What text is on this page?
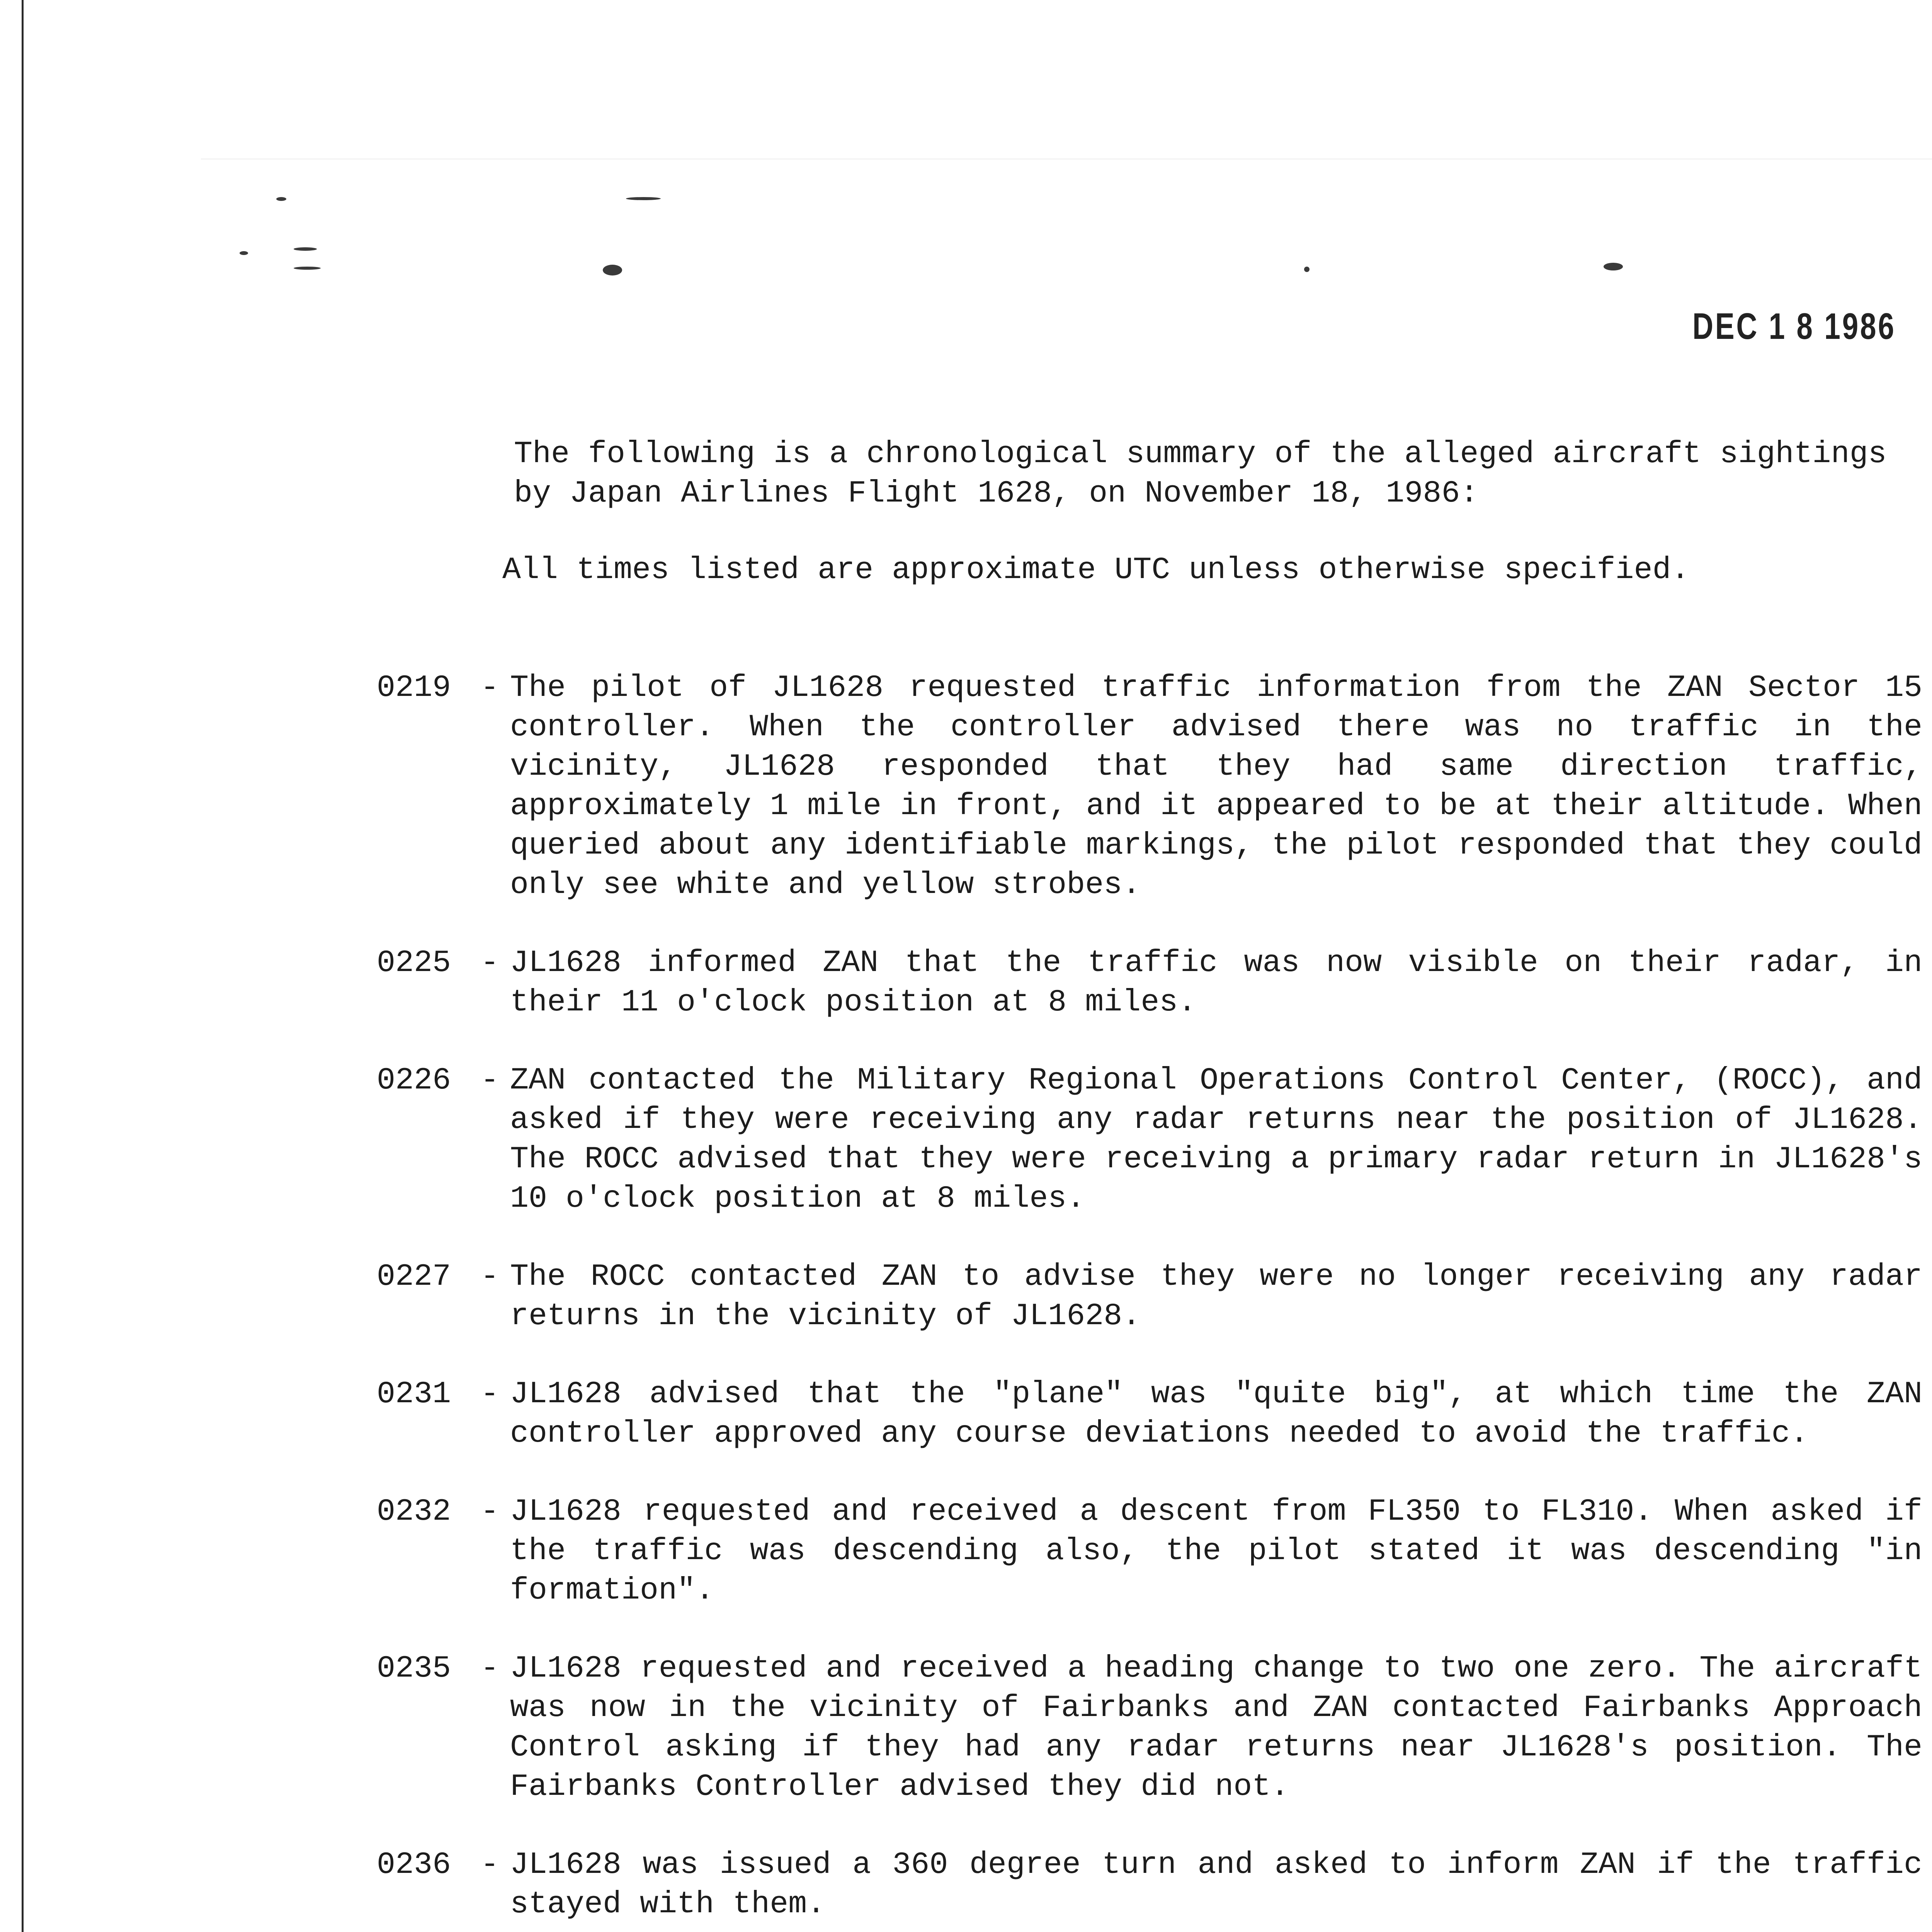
DEC 1 8 1986
The following is a chronological summary of the alleged aircraft sightings by Japan Airlines Flight 1628, on November 18, 1986:
All times listed are approximate UTC unless otherwise specified.
0219 - The pilot of JL1628 requested traffic information from the ZAN Sector 15 controller. When the controller advised there was no traffic in the vicinity, JL1628 responded that they had same direction traffic, approximately 1 mile in front, and it appeared to be at their altitude. When queried about any identifiable markings, the pilot responded that they could only see white and yellow strobes.
0225 - JL1628 informed ZAN that the traffic was now visible on their radar, in their 11 o'clock position at 8 miles.
0226 - ZAN contacted the Military Regional Operations Control Center, (ROCC), and asked if they were receiving any radar returns near the position of JL1628. The ROCC advised that they were receiving a primary radar return in JL1628's 10 o'clock position at 8 miles.
0227 - The ROCC contacted ZAN to advise they were no longer receiving any radar returns in the vicinity of JL1628.
0231 - JL1628 advised that the "plane" was "quite big", at which time the ZAN controller approved any course deviations needed to avoid the traffic.
0232 - JL1628 requested and received a descent from FL350 to FL310. When asked if the traffic was descending also, the pilot stated it was descending "in formation".
0235 - JL1628 requested and received a heading change to two one zero. The aircraft was now in the vicinity of Fairbanks and ZAN contacted Fairbanks Approach Control asking if they had any radar returns near JL1628's position. The Fairbanks Controller advised they did not.
0236 - JL1628 was issued a 360 degree turn and asked to inform ZAN if the traffic stayed with them.
